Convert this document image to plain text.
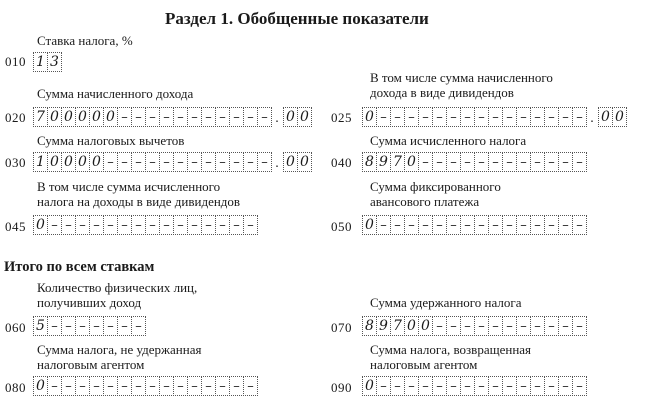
Раздел 1. Обобщенные показатели
Итого по всем ставкам
Ставка налога, %
010 1 3
Сумма начисленного дохода
020 7 0 0 0 0 0 – – – – – – – – – – – . 0 0
В том числе сумма начисленного
дохода в виде дивидендов
025 0 – – – – – – – – – – – – – – – . 0 0
Сумма налоговых вычетов
030 1 0 0 0 0 – – – – – – – – – – – – . 0 0
Сумма исчисленного налога
040 8 9 7 0 – – – – – – – – – – – –
В том числе сумма исчисленного
налога на доходы в виде дивидендов
045 0 – – – – – – – – – – – – – – –
Сумма фиксированного
авансового платежа
050 0 – – – – – – – – – – – – – – –
Количество физических лиц,
получивших доход
060 5 – – – – – – –
Сумма удержанного налога
070 8 9 7 0 0 – – – – – – – – – – –
Сумма налога, не удержанная
налоговым агентом
080 0 – – – – – – – – – – – – – – –
Сумма налога, возвращенная
налоговым агентом
090 0 – – – – – – – – – – – – – – –
